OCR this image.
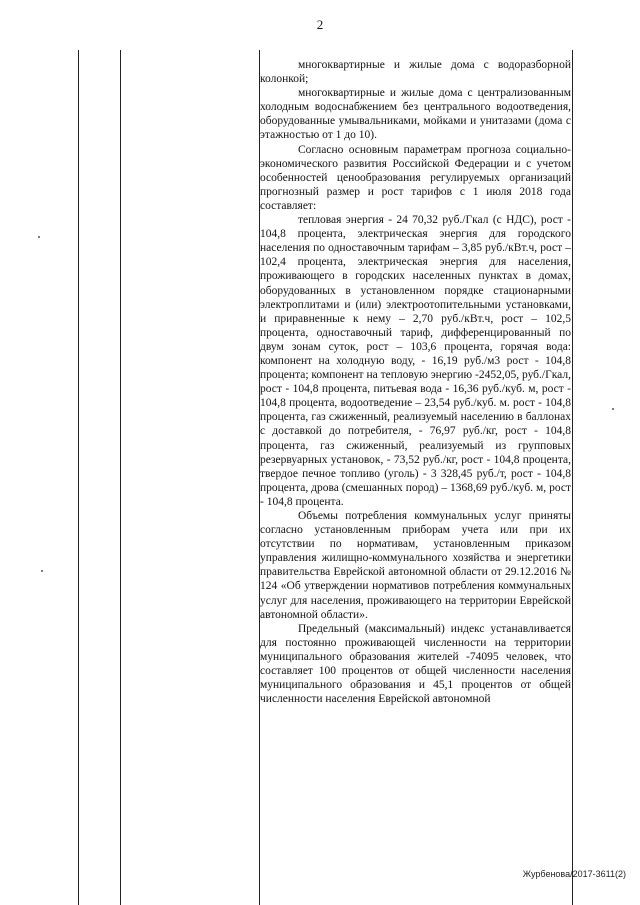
2

многоквартирные и жилые дома с водоразборной колонкой;

многоквартирные и жилые дома с централизованным холодным водоснабжением без центрального водоотведения, оборудованные умывальниками, мойками и унитазами (дома с этажностью от 1 до 10).

Согласно основным параметрам прогноза социально-экономического развития Российской Федерации и с учетом особенностей ценообразования регулируемых организаций прогнозный размер и рост тарифов с 1 июля 2018 года составляет:

тепловая энергия - 24 70,32 руб./Гкал (с НДС), рост - 104,8 процента, электрическая энергия для городского населения по одноставочным тарифам – 3,85 руб./кВт.ч, рост – 102,4 процента, электрическая энергия для населения, проживающего в городских населенных пунктах в домах, оборудованных в установленном порядке стационарными электроплитами и (или) электроотопительными установками, и приравненные к нему – 2,70 руб./кВт.ч, рост – 102,5 процента, одноставочный тариф, дифференцированный по двум зонам суток, рост – 103,6 процента, горячая вода: компонент на холодную воду, - 16,19 руб./м3 рост - 104,8 процента; компонент на тепловую энергию -2452,05, руб./Гкал, рост - 104,8 процента, питьевая вода - 16,36 руб./куб. м, рост - 104,8 процента, водоотведение – 23,54 руб./куб. м. рост - 104,8 процента, газ сжиженный, реализуемый населению в баллонах с доставкой до потребителя, - 76,97 руб./кг, рост - 104,8 процента, газ сжиженный, реализуемый из групповых резервуарных установок, - 73,52 руб./кг, рост - 104,8 процента, твердое печное топливо (уголь) - 3 328,45 руб./т, рост - 104,8 процента, дрова (смешанных пород) – 1368,69 руб./куб. м, рост - 104,8 процента.

Объемы потребления коммунальных услуг приняты согласно установленным приборам учета или при их отсутствии по нормативам, установленным приказом управления жилищно-коммунального хозяйства и энергетики правительства Еврейской автономной области от 29.12.2016 № 124 «Об утверждении нормативов потребления коммунальных услуг для населения, проживающего на территории Еврейской автономной области».

Предельный (максимальный) индекс устанавливается для постоянно проживающей численности на территории муниципального образования жителей -74095 человек, что составляет 100 процентов от общей численности населения муниципального образования и 45,1 процентов от общей численности населения Еврейской автономной

Журбенова/2017-3611(2)
